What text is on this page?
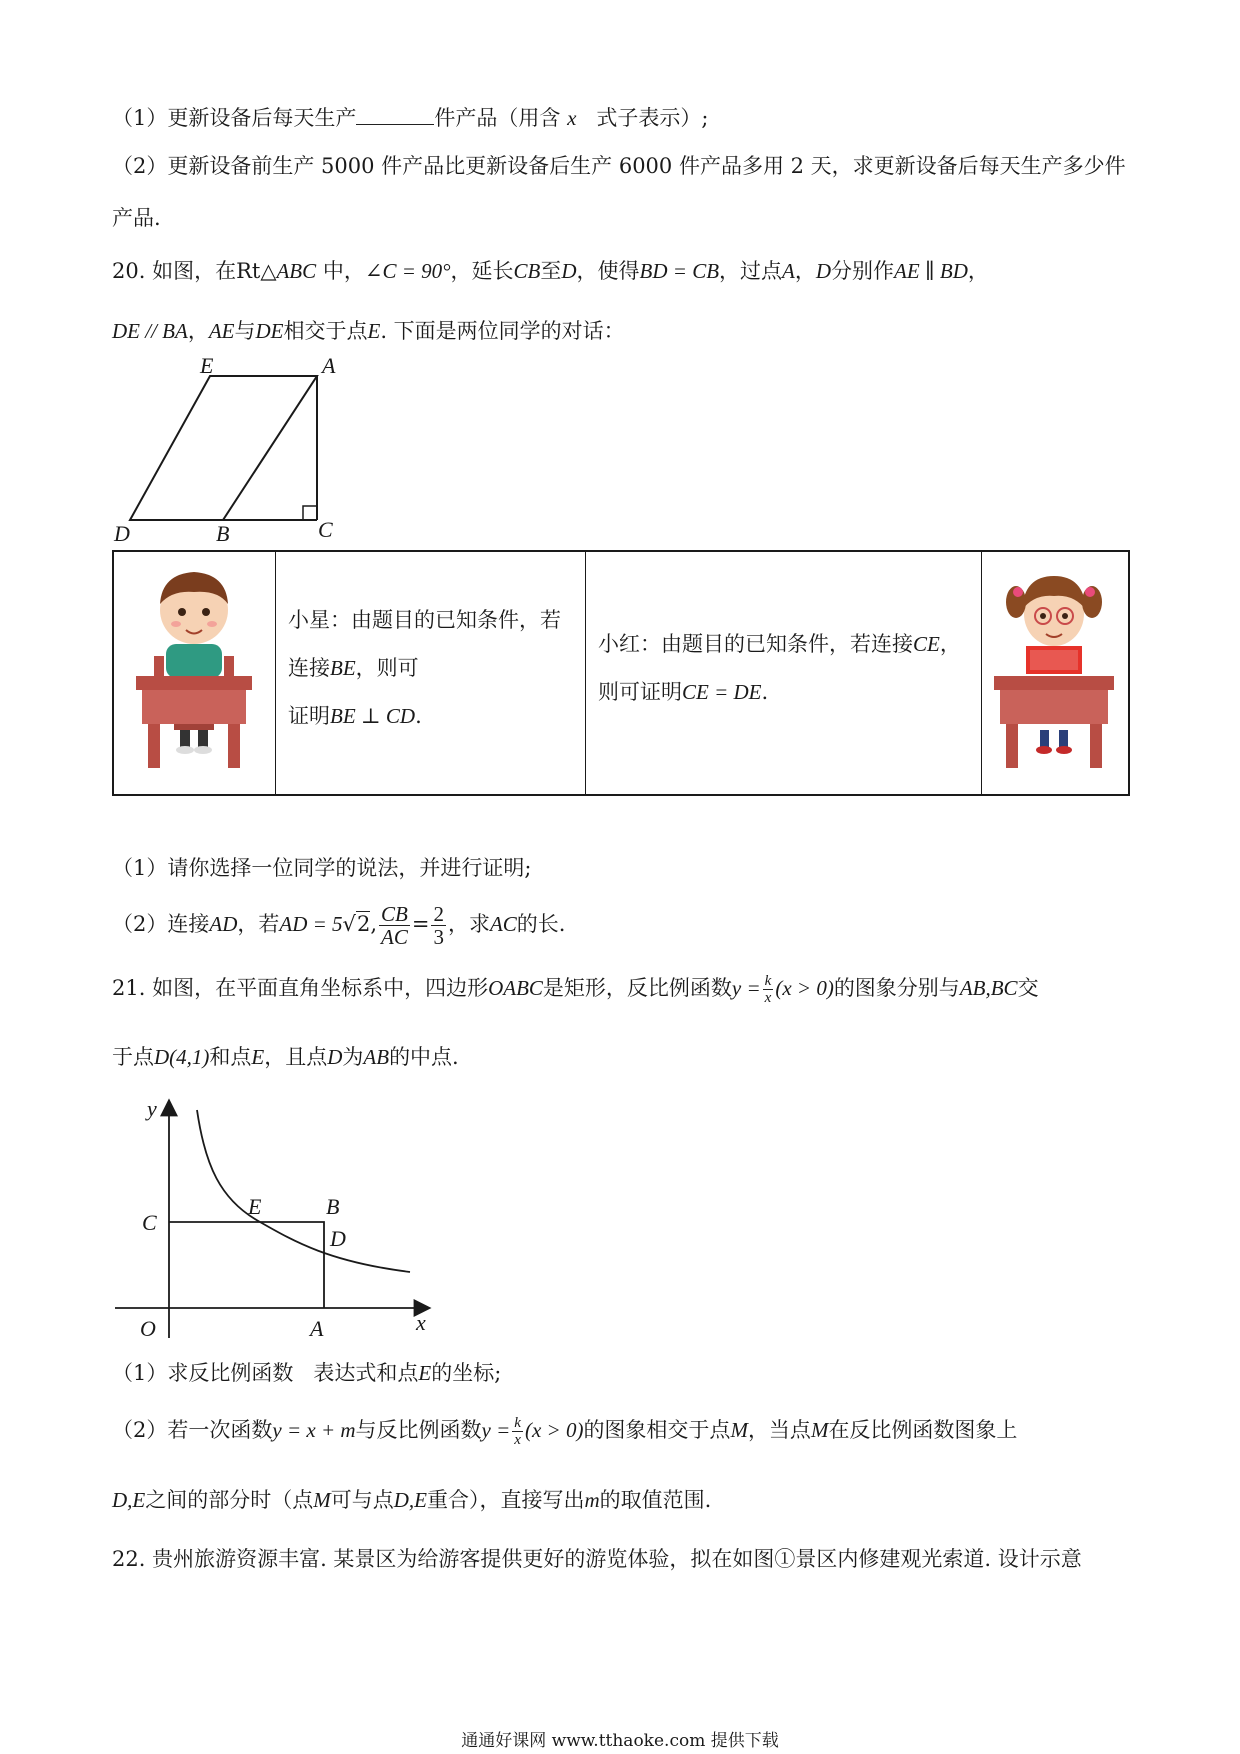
（1）更新设备后每天生产	件产品（用含 x 式子表示）;
（2）更新设备前生产 5000 件产品比更新设备后生产 6000 件产品多用 2 天，求更新设备后每天生产多少件
产品.
20. 如图，在Rt△ABC 中，∠C = 90°，延长CB至D，使得BD = CB，过点A，D分别作AE ∥ BD，
DE // BA，AE与DE相交于点E. 下面是两位同学的对话：
E	A
D	B	C
小星：由题目的已知条件，若
连接BE，则可
证明BE ⊥ CD.
小红：由题目的已知条件，若连接CE，
则可证明CE = DE.
（1）请你选择一位同学的说法，并进行证明;
（2）连接AD，若AD = 5√2, $\frac{CB}{AC} = \frac{2}{3}$ ，求AC的长.
21. 如图，在平面直角坐标系中，四边形OABC是矩形，反比例函数$y = \frac{k}{x} (x > 0)$的图象分别与AB,BC交
于点D(4,1)和点E，且点D为AB的中点.
y
x
O	A
C
B
E
D
（1）求反比例函数 表达式和点E的坐标;
（2）若一次函数y = x + m与反比例函数$y = \frac{k}{x} (x > 0)$的图象相交于点M，当点M在反比例函数图象上
D,E之间的部分时（点M可与点D,E重合），直接写出m的取值范围.
22. 贵州旅游资源丰富. 某景区为给游客提供更好的游览体验，拟在如图①景区内修建观光索道. 设计示意
通通好课网 www.tthaoke.com 提供下载
